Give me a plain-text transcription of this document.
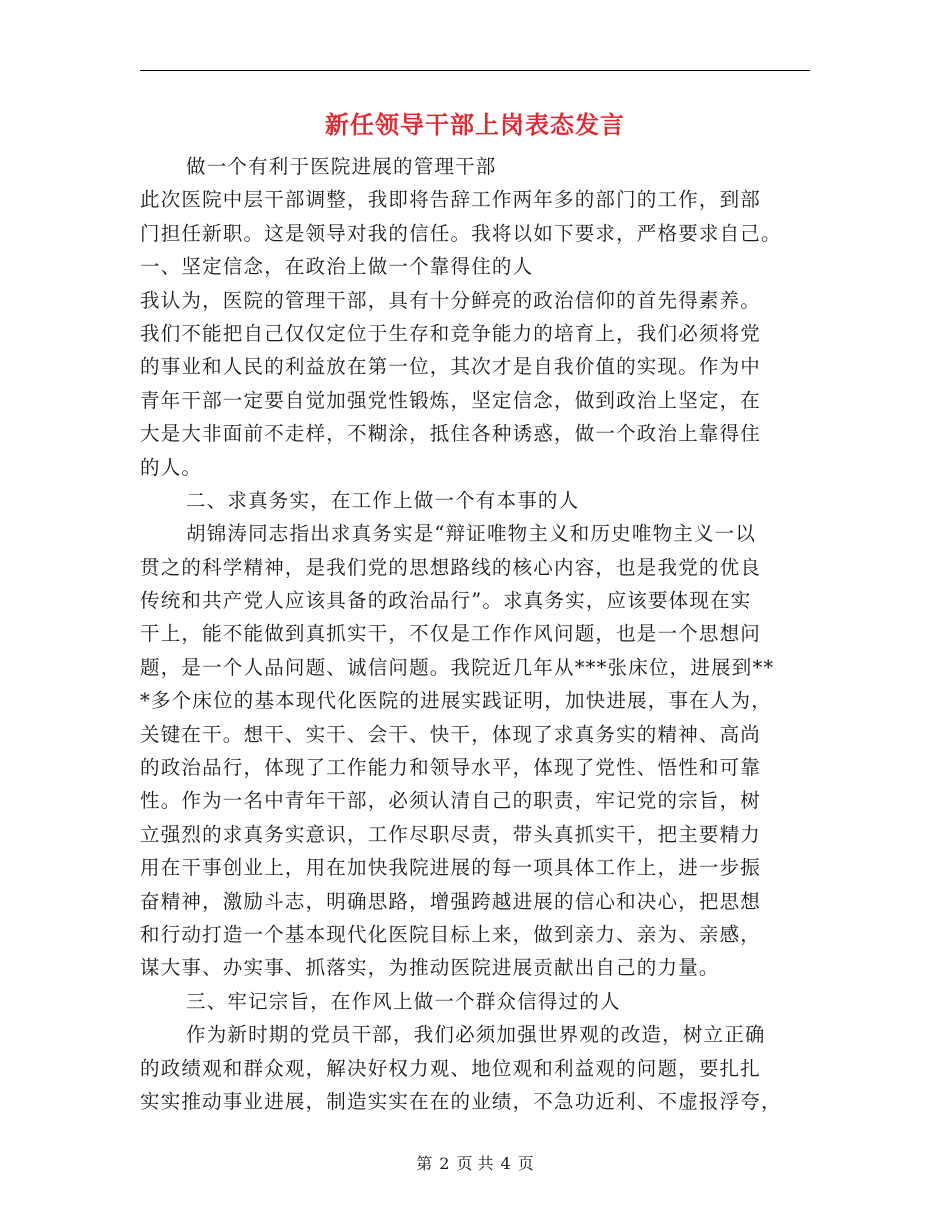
新任领导干部上岗表态发言
做一个有利于医院进展的管理干部
此次医院中层干部调整，我即将告辞工作两年多的部门的工作，到部
门担任新职。这是领导对我的信任。我将以如下要求，严格要求自己。
一、坚定信念，在政治上做一个靠得住的人
我认为，医院的管理干部，具有十分鲜亮的政治信仰的首先得素养。
我们不能把自己仅仅定位于生存和竞争能力的培育上，我们必须将党
的事业和人民的利益放在第一位，其次才是自我价值的实现。作为中
青年干部一定要自觉加强党性锻炼，坚定信念，做到政治上坚定，在
大是大非面前不走样，不糊涂，抵住各种诱惑，做一个政治上靠得住
的人。
二、求真务实，在工作上做一个有本事的人
胡锦涛同志指出求真务实是“辩证唯物主义和历史唯物主义一以
贯之的科学精神，是我们党的思想路线的核心内容，也是我党的优良
传统和共产党人应该具备的政治品行”。求真务实，应该要体现在实
干上，能不能做到真抓实干，不仅是工作作风问题，也是一个思想问
题，是一个人品问题、诚信问题。我院近几年从***张床位，进展到**
*多个床位的基本现代化医院的进展实践证明，加快进展，事在人为，
关键在干。想干、实干、会干、快干，体现了求真务实的精神、高尚
的政治品行，体现了工作能力和领导水平，体现了党性、悟性和可靠
性。作为一名中青年干部，必须认清自己的职责，牢记党的宗旨，树
立强烈的求真务实意识，工作尽职尽责，带头真抓实干，把主要精力
用在干事创业上，用在加快我院进展的每一项具体工作上，进一步振
奋精神，激励斗志，明确思路，增强跨越进展的信心和决心，把思想
和行动打造一个基本现代化医院目标上来，做到亲力、亲为、亲感，
谋大事、办实事、抓落实，为推动医院进展贡献出自己的力量。
三、牢记宗旨，在作风上做一个群众信得过的人
作为新时期的党员干部，我们必须加强世界观的改造，树立正确
的政绩观和群众观，解决好权力观、地位观和利益观的问题，要扎扎
实实推动事业进展，制造实实在在的业绩，不急功近利、不虚报浮夸，
第 2 页 共 4 页
